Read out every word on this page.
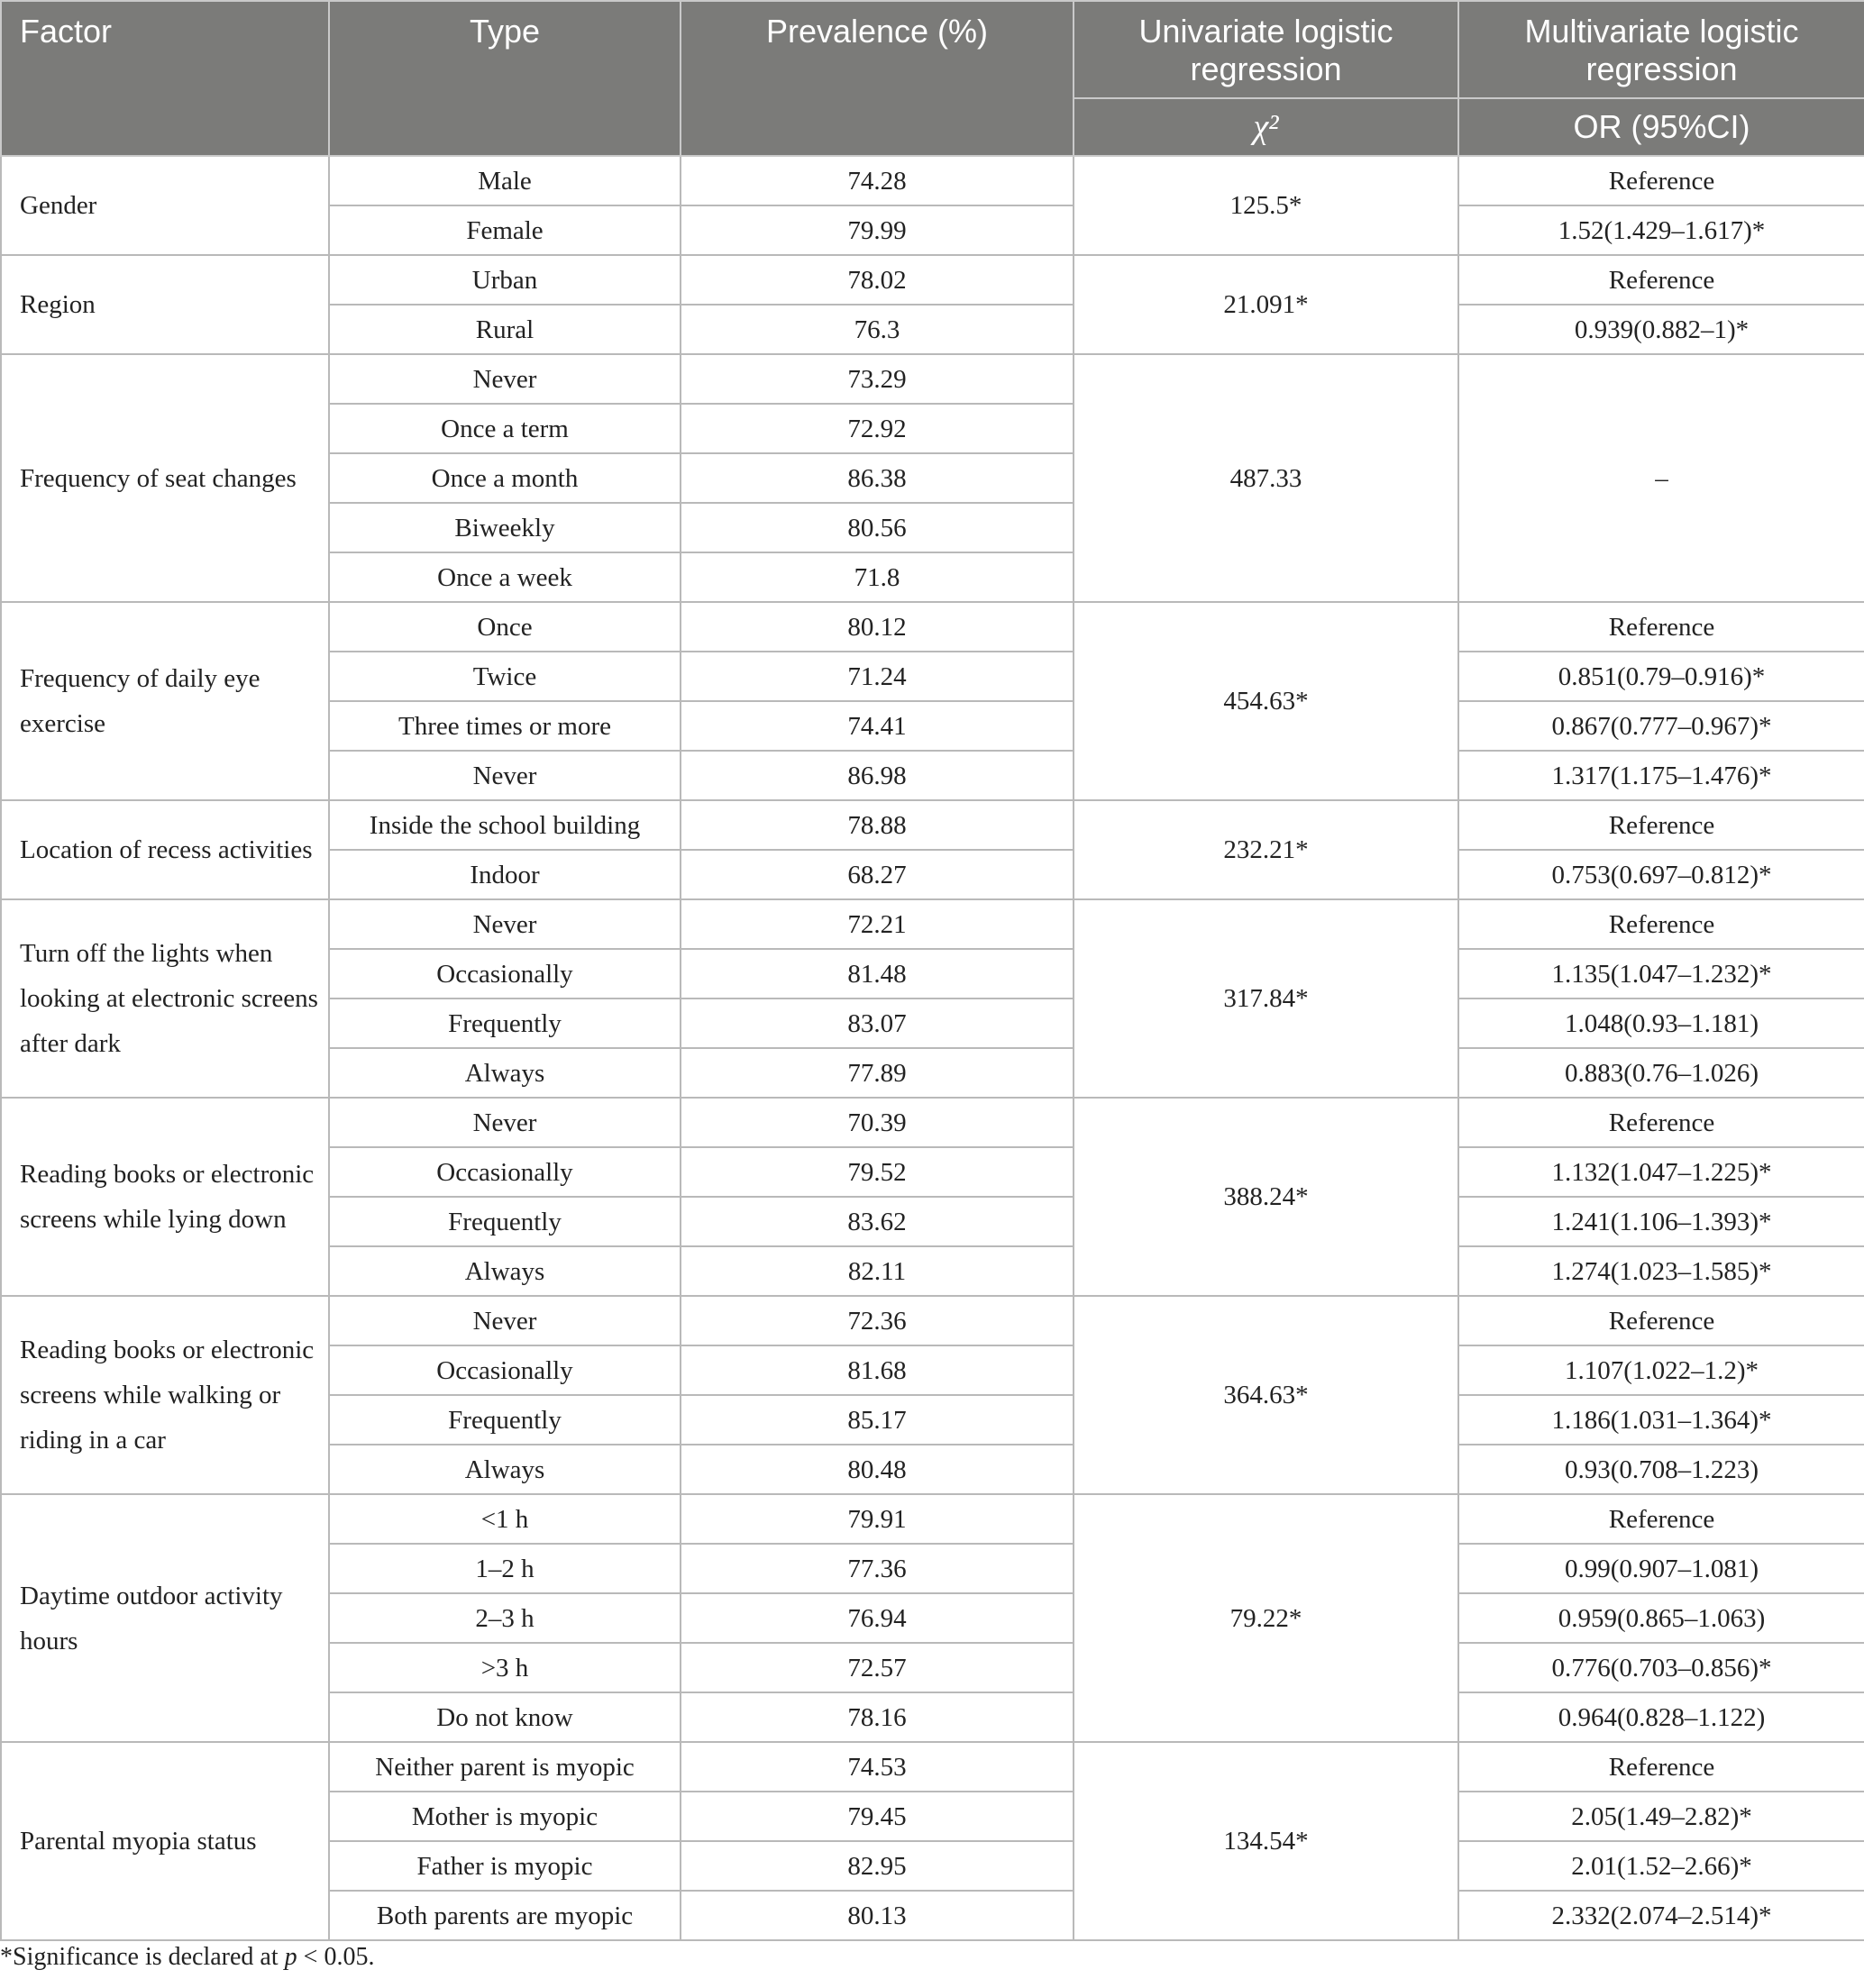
Factor	Type	Prevalence (%)	Univariate logistic regression	Multivariate logistic regression
			χ²	OR (95%CI)
Gender	Male	74.28	125.5*	Reference
	Female	79.99		1.52(1.429–1.617)*
Region	Urban	78.02	21.091*	Reference
	Rural	76.3		0.939(0.882–1)*
Frequency of seat changes	Never	73.29	487.33	–
	Once a term	72.92		
	Once a month	86.38		
	Biweekly	80.56		
	Once a week	71.8		
Frequency of daily eye exercise	Once	80.12	454.63*	Reference
	Twice	71.24		0.851(0.79–0.916)*
	Three times or more	74.41		0.867(0.777–0.967)*
	Never	86.98		1.317(1.175–1.476)*
Location of recess activities	Inside the school building	78.88	232.21*	Reference
	Indoor	68.27		0.753(0.697–0.812)*
Turn off the lights when looking at electronic screens after dark	Never	72.21	317.84*	Reference
	Occasionally	81.48		1.135(1.047–1.232)*
	Frequently	83.07		1.048(0.93–1.181)
	Always	77.89		0.883(0.76–1.026)
Reading books or electronic screens while lying down	Never	70.39	388.24*	Reference
	Occasionally	79.52		1.132(1.047–1.225)*
	Frequently	83.62		1.241(1.106–1.393)*
	Always	82.11		1.274(1.023–1.585)*
Reading books or electronic screens while walking or riding in a car	Never	72.36	364.63*	Reference
	Occasionally	81.68		1.107(1.022–1.2)*
	Frequently	85.17		1.186(1.031–1.364)*
	Always	80.48		0.93(0.708–1.223)
Daytime outdoor activity hours	<1 h	79.91	79.22*	Reference
	1–2 h	77.36		0.99(0.907–1.081)
	2–3 h	76.94		0.959(0.865–1.063)
	>3 h	72.57		0.776(0.703–0.856)*
	Do not know	78.16		0.964(0.828–1.122)
Parental myopia status	Neither parent is myopic	74.53	134.54*	Reference
	Mother is myopic	79.45		2.05(1.49–2.82)*
	Father is myopic	82.95		2.01(1.52–2.66)*
	Both parents are myopic	80.13		2.332(2.074–2.514)*
*Significance is declared at p < 0.05.
